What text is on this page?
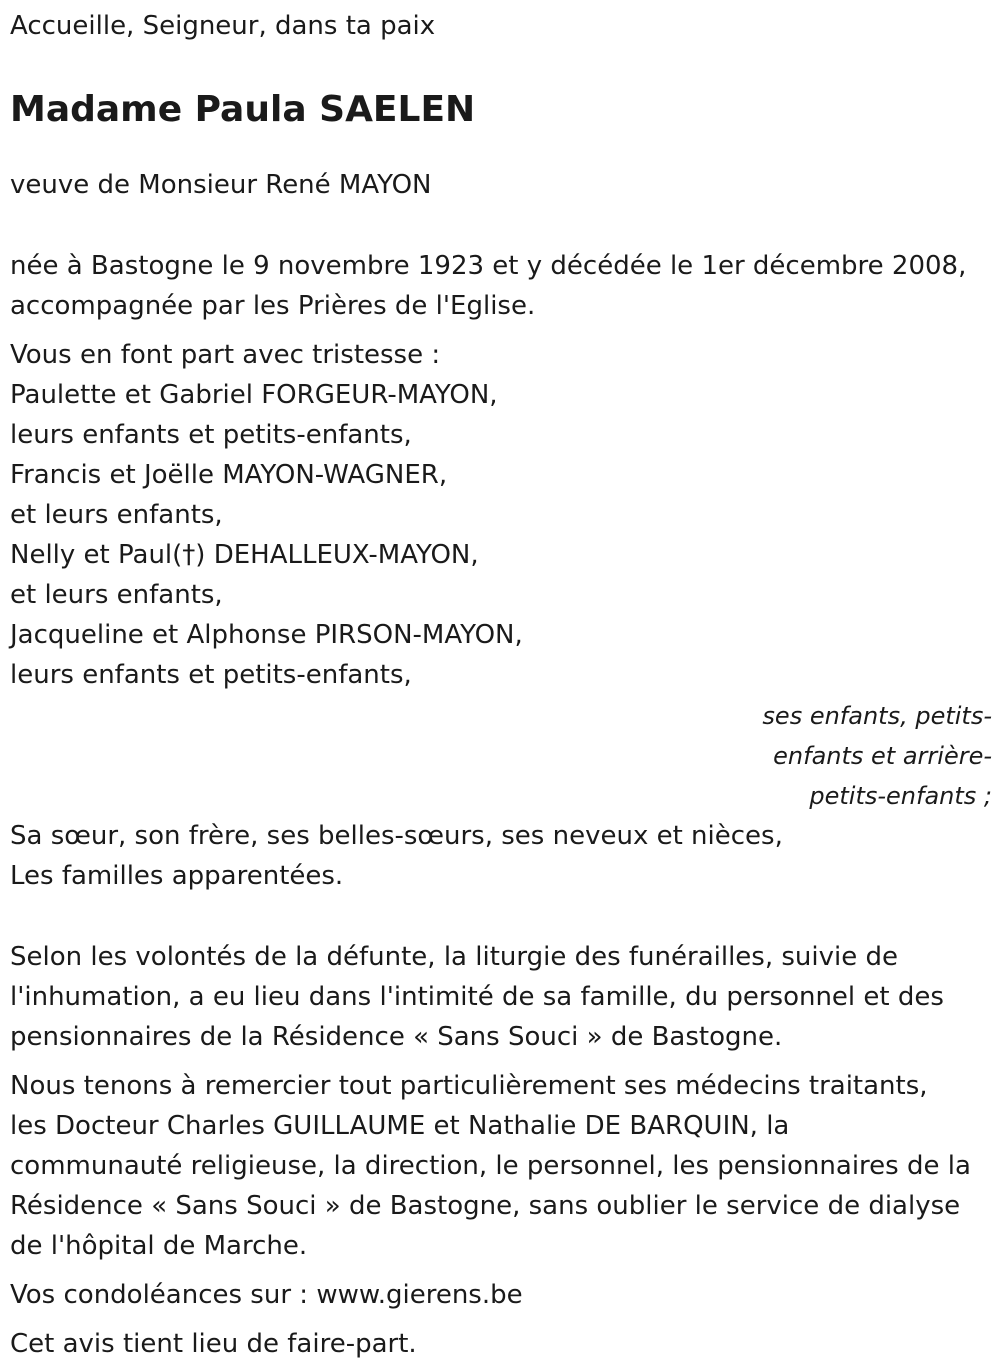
Accueille, Seigneur, dans ta paix

Madame Paula SAELEN

veuve de Monsieur René MAYON

née à Bastogne le 9 novembre 1923 et y décédée le 1er décembre 2008,
accompagnée par les Prières de l'Eglise.
Vous en font part avec tristesse :
Paulette et Gabriel FORGEUR-MAYON,
leurs enfants et petits-enfants,
Francis et Joëlle MAYON-WAGNER,
et leurs enfants,
Nelly et Paul(†) DEHALLEUX-MAYON,
et leurs enfants,
Jacqueline et Alphonse PIRSON-MAYON,
leurs enfants et petits-enfants,
ses enfants, petits-
enfants et arrière-
petits-enfants ;
Sa sœur, son frère, ses belles-sœurs, ses neveux et nièces,
Les familles apparentées.
Selon les volontés de la défunte, la liturgie des funérailles, suivie de
l'inhumation, a eu lieu dans l'intimité de sa famille, du personnel et des
pensionnaires de la Résidence « Sans Souci » de Bastogne.
Nous tenons à remercier tout particulièrement ses médecins traitants,
les Docteur Charles GUILLAUME et Nathalie DE BARQUIN, la
communauté religieuse, la direction, le personnel, les pensionnaires de la
Résidence « Sans Souci » de Bastogne, sans oublier le service de dialyse
de l'hôpital de Marche.

Vos condoléances sur : www.gierens.be

Cet avis tient lieu de faire-part.
